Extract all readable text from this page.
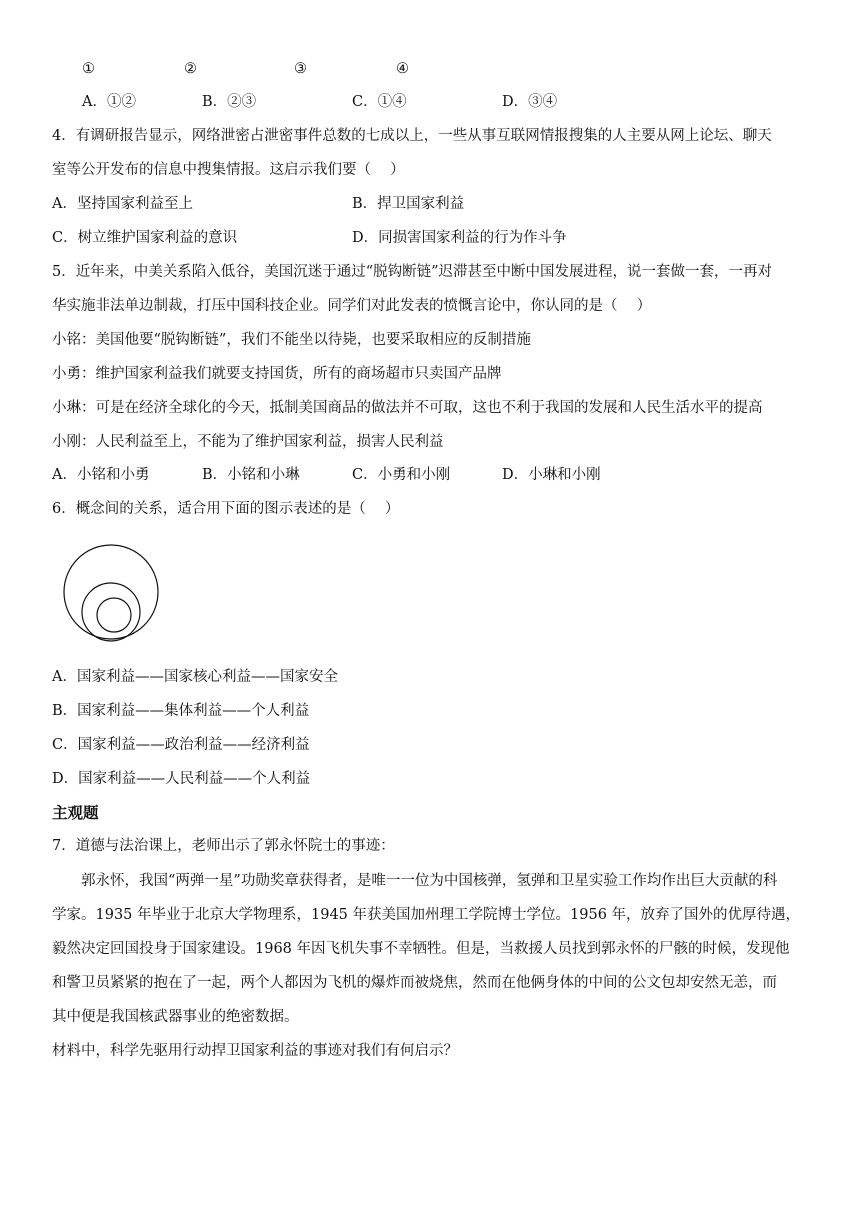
①	②	③	④
A．①②	B．②③	C．①④	D．③④
4．有调研报告显示，网络泄密占泄密事件总数的七成以上，一些从事互联网情报搜集的人主要从网上论坛、聊天
室等公开发布的信息中搜集情报。这启示我们要（　 ）
A．坚持国家利益至上	B．捍卫国家利益
C．树立维护国家利益的意识	D．同损害国家利益的行为作斗争
5．近年来，中美关系陷入低谷，美国沉迷于通过“脱钩断链”迟滞甚至中断中国发展进程，说一套做一套，一再对
华实施非法单边制裁，打压中国科技企业。同学们对此发表的愤慨言论中，你认同的是（　 ）
小铭：美国他要“脱钩断链”，我们不能坐以待毙，也要采取相应的反制措施
小勇：维护国家利益我们就要支持国货，所有的商场超市只卖国产品牌
小琳：可是在经济全球化的今天，抵制美国商品的做法并不可取，这也不利于我国的发展和人民生活水平的提高
小刚：人民利益至上，不能为了维护国家利益，损害人民利益
A．小铭和小勇	B．小铭和小琳	C．小勇和小刚	D．小琳和小刚
6．概念间的关系，适合用下面的图示表述的是（　 ）
A．国家利益——国家核心利益——国家安全
B．国家利益——集体利益——个人利益
C．国家利益——政治利益——经济利益
D．国家利益——人民利益——个人利益
主观题
7．道德与法治课上，老师出示了郭永怀院士的事迹：
　　郭永怀，我国“两弹一星”功勋奖章获得者，是唯一一位为中国核弹，氢弹和卫星实验工作均作出巨大贡献的科
学家。1935 年毕业于北京大学物理系，1945 年获美国加州理工学院博士学位。1956 年，放弃了国外的优厚待遇，
毅然决定回国投身于国家建设。1968 年因飞机失事不幸牺牲。但是，当救援人员找到郭永怀的尸骸的时候，发现他
和警卫员紧紧的抱在了一起，两个人都因为飞机的爆炸而被烧焦，然而在他俩身体的中间的公文包却安然无恙，而
其中便是我国核武器事业的绝密数据。
材料中，科学先驱用行动捍卫国家利益的事迹对我们有何启示？
